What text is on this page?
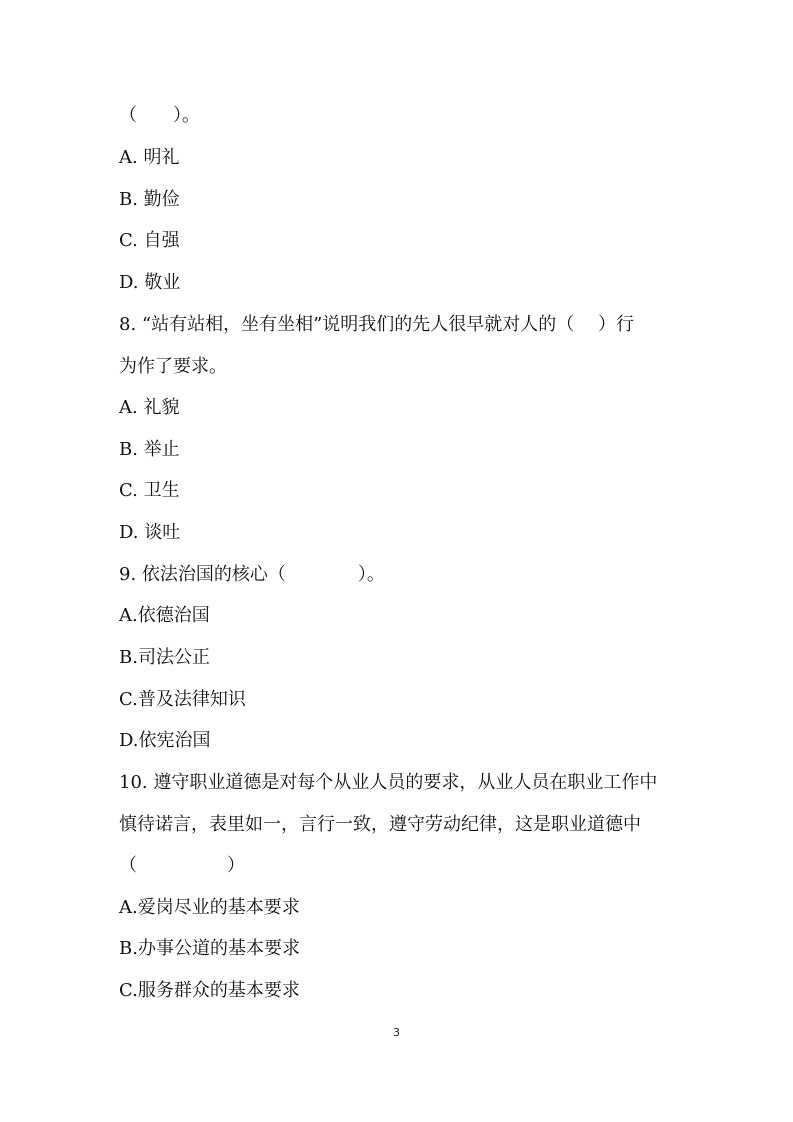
（　　）。
A. 明礼
B. 勤俭
C. 自强
D. 敬业
8. “站有站相，坐有坐相”说明我们的先人很早就对人的（　 ）行
为作了要求。
A. 礼貌
B. 举止
C. 卫生
D. 谈吐
9. 依法治国的核心（　　　　）。
A.依德治国
B.司法公正
C.普及法律知识
D.依宪治国
10. 遵守职业道德是对每个从业人员的要求，从业人员在职业工作中
慎待诺言，表里如一，言行一致，遵守劳动纪律，这是职业道德中
（　　　　　）
A.爱岗尽业的基本要求
B.办事公道的基本要求
C.服务群众的基本要求
3
